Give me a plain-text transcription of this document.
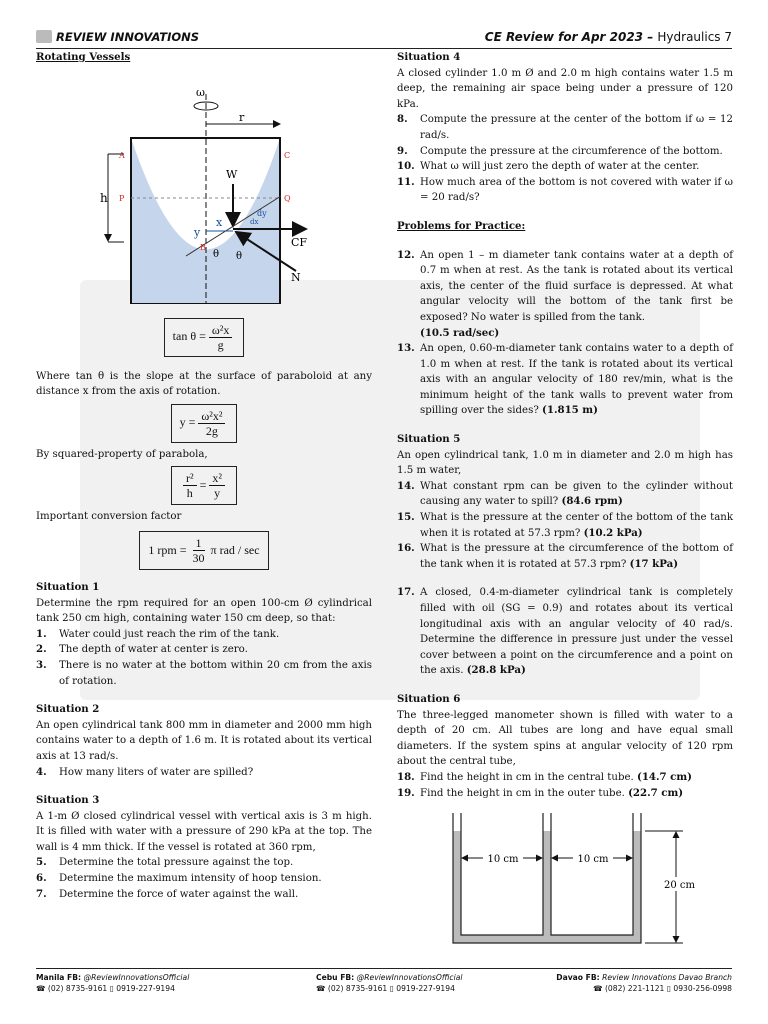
REVIEW INNOVATIONS	CE Review for Apr 2023 – Hydraulics 7
Rotating Vessels
ω
r
A	C
h P	Q
W
CF
N
x
y
B
θ θ
dy
dx
$\tan \theta = \frac{\text{ω²x}}{g}$

Where tan θ is the slope at the surface of paraboloid at any distance x from the axis of rotation.

$y = \frac{\text{ω²x²}}{2g}$

By squared-property of parabola,

$\frac{\text{r²}}{h} = \frac{\text{x²}}{y}$

Important conversion factor

1 rpm = $\frac{1}{30}$ π rad / sec
Situation 1

Determine the rpm required for an open 100-cm Ø cylindrical tank 250 cm high, containing water 150 cm deep, so that:

1.	Water could just reach the rim of the tank.
2.	The depth of water at center is zero.
3.	There is no water at the bottom within 20 cm from the axis of rotation.
Situation 2

An open cylindrical tank 800 mm in diameter and 2000 mm high contains water to a depth of 1.6 m. It is rotated about its vertical axis at 13 rad/s.

4.	How many liters of water are spilled?
Situation 3

A 1-m Ø closed cylindrical vessel with vertical axis is 3 m high. It is filled with water with a pressure of 290 kPa at the top. The wall is 4 mm thick. If the vessel is rotated at 360 rpm,

5.	Determine the total pressure against the top.
6.	Determine the maximum intensity of hoop tension.
7.	Determine the force of water against the wall.
Situation 4

A closed cylinder 1.0 m Ø and 2.0 m high contains water 1.5 m deep, the remaining air space being under a pressure of 120 kPa.

8.	Compute the pressure at the center of the bottom if ω = 12 rad/s.
9.	Compute the pressure at the circumference of the bottom.
10. What ω will just zero the depth of water at the center.
11. How much area of the bottom is not covered with water if ω = 20 rad/s?
Problems for Practice:
12. An open 1 – m diameter tank contains water at a depth of 0.7 m when at rest. As the tank is rotated about its vertical axis, the center of the fluid surface is depressed. At what angular velocity will the bottom of the tank first be exposed? No water is spilled from the tank.
(10.5 rad/sec)
13. An open, 0.60-m-diameter tank contains water to a depth of 1.0 m when at rest. If the tank is rotated about its vertical axis with an angular velocity of 180 rev/min, what is the minimum height of the tank walls to prevent water from spilling over the sides? (1.815 m)
Situation 5

An open cylindrical tank, 1.0 m in diameter and 2.0 m high has 1.5 m water,

14. What constant rpm can be given to the cylinder without causing any water to spill? (84.6 rpm)
15. What is the pressure at the center of the bottom of the tank when it is rotated at 57.3 rpm? (10.2 kPa)
16. What is the pressure at the circumference of the bottom of the tank when it is rotated at 57.3 rpm? (17 kPa)
17. A closed, 0.4-m-diameter cylindrical tank is completely filled with oil (SG = 0.9) and rotates about its vertical longitudinal axis with an angular velocity of 40 rad/s. Determine the difference in pressure just under the vessel cover between a point on the circumference and a point on the axis. (28.8 kPa)
Situation 6

The three-legged manometer shown is filled with water to a depth of 20 cm. All tubes are long and have equal small diameters. If the system spins at angular velocity of 120 rpm about the central tube,

18. Find the height in cm in the central tube. (14.7 cm)
19. Find the height in cm in the outer tube. (22.7 cm)
10 cm	10 cm
20 cm
Manila FB: @ReviewInnovationsOfficial
☎ (02) 8735-9161 ▯ 0919-227-9194
Cebu FB: @ReviewInnovationsOfficial
☎ (02) 8735-9161 ▯ 0919-227-9194
Davao FB: Review Innovations Davao Branch
☎ (082) 221-1121 ▯ 0930-256-0998
